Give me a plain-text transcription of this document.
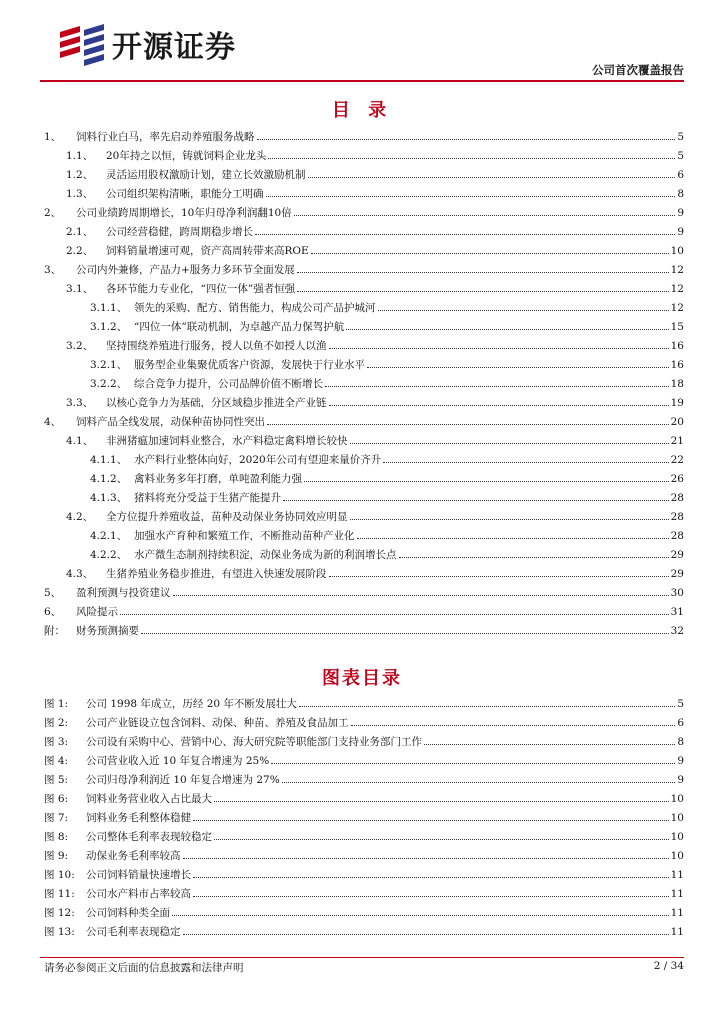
开源证券
公司首次覆盖报告
目 录
1、	饲料行业白马，率先启动养殖服务战略	5
1.1、	20年持之以恒，铸就饲料企业龙头	5
1.2、	灵活运用股权激励计划，建立长效激励机制	6
1.3、	公司组织架构清晰，职能分工明确	8
2、	公司业绩跨周期增长，10年归母净利润翻10倍	9
2.1、	公司经营稳健，跨周期稳步增长	9
2.2、	饲料销量增速可观，资产高周转带来高ROE	10
3、	公司内外兼修，产品力+服务力多环节全面发展	12
3.1、	各环节能力专业化，“四位一体”强者恒强	12
3.1.1、 领先的采购、配方、销售能力，构成公司产品护城河	12
3.1.2、 “四位一体”联动机制，为卓越产品力保驾护航	15
3.2、	坚持围绕养殖进行服务，授人以鱼不如授人以渔	16
3.2.1、 服务型企业集聚优质客户资源，发展快于行业水平	16
3.2.2、 综合竞争力提升，公司品牌价值不断增长	18
3.3、	以核心竞争力为基础，分区域稳步推进全产业链	19
4、	饲料产品全线发展，动保种苗协同性突出	20
4.1、	非洲猪瘟加速饲料业整合，水产料稳定禽料增长较快	21
4.1.1、 水产料行业整体向好，2020年公司有望迎来量价齐升	22
4.1.2、 禽料业务多年打磨，单吨盈利能力强	26
4.1.3、 猪料将充分受益于生猪产能提升	28
4.2、	全方位提升养殖收益，苗种及动保业务协同效应明显	28
4.2.1、 加强水产育种和繁殖工作，不断推动苗种产业化	28
4.2.2、 水产微生态制剂持续积淀，动保业务成为新的利润增长点	29
4.3、	生猪养殖业务稳步推进，有望进入快速发展阶段	29
5、	盈利预测与投资建议	30
6、	风险提示	31
附：	财务预测摘要	32
图表目录
图 1:	公司 1998 年成立，历经 20 年不断发展壮大	5
图 2:	公司产业链设立包含饲料、动保、种苗、养殖及食品加工	6
图 3:	公司设有采购中心、营销中心、海大研究院等职能部门支持业务部门工作	8
图 4:	公司营业收入近 10 年复合增速为 25%	9
图 5:	公司归母净利润近 10 年复合增速为 27%	9
图 6:	饲料业务营业收入占比最大	10
图 7:	饲料业务毛利整体稳健	10
图 8:	公司整体毛利率表现较稳定	10
图 9:	动保业务毛利率较高	10
图 10:	公司饲料销量快速增长	11
图 11:	公司水产料市占率较高	11
图 12:	公司饲料种类全面	11
图 13:	公司毛利率表现稳定	11
请务必参阅正文后面的信息披露和法律声明	2 / 34
